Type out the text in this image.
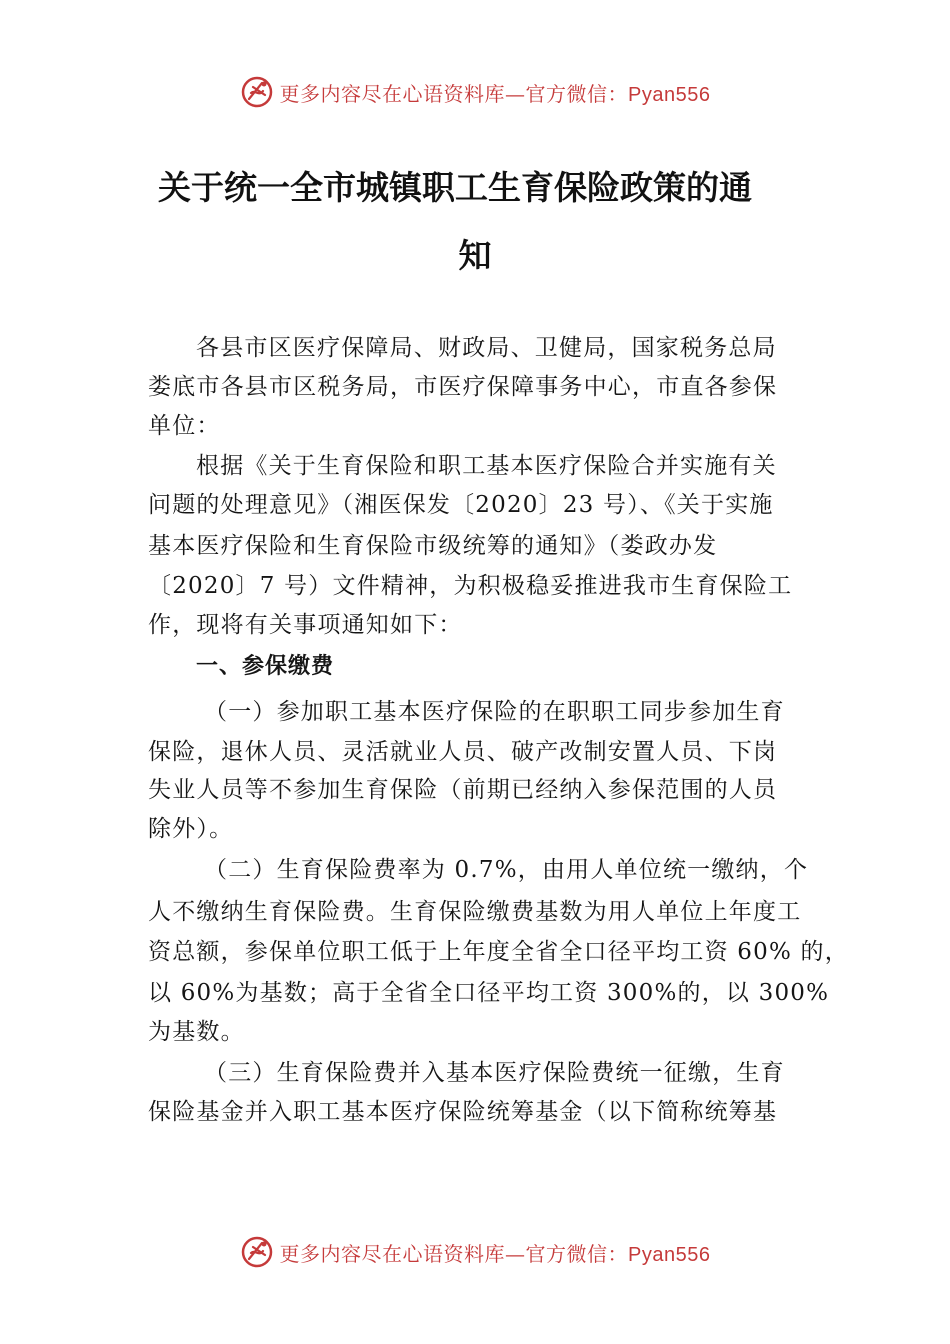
更多内容尽在心语资料库—官方微信：Pyan556
关于统一全市城镇职工生育保险政策的通
知
各县市区医疗保障局、财政局、卫健局，国家税务总局
娄底市各县市区税务局，市医疗保障事务中心，市直各参保
单位：
根据《关于生育保险和职工基本医疗保险合并实施有关
问题的处理意见》（湘医保发〔2020〕23 号）、《关于实施
基本医疗保险和生育保险市级统筹的通知》（娄政办发
〔2020〕7 号）文件精神，为积极稳妥推进我市生育保险工
作，现将有关事项通知如下：
一、参保缴费
（一）参加职工基本医疗保险的在职职工同步参加生育
保险，退休人员、灵活就业人员、破产改制安置人员、下岗
失业人员等不参加生育保险（前期已经纳入参保范围的人员
除外）。
（二）生育保险费率为 0.7%，由用人单位统一缴纳，个
人不缴纳生育保险费。生育保险缴费基数为用人单位上年度工
资总额，参保单位职工低于上年度全省全口径平均工资 60% 的，
以 60%为基数；高于全省全口径平均工资 300%的，以 300%
为基数。
（三）生育保险费并入基本医疗保险费统一征缴，生育
保险基金并入职工基本医疗保险统筹基金（以下简称统筹基
更多内容尽在心语资料库—官方微信：Pyan556
